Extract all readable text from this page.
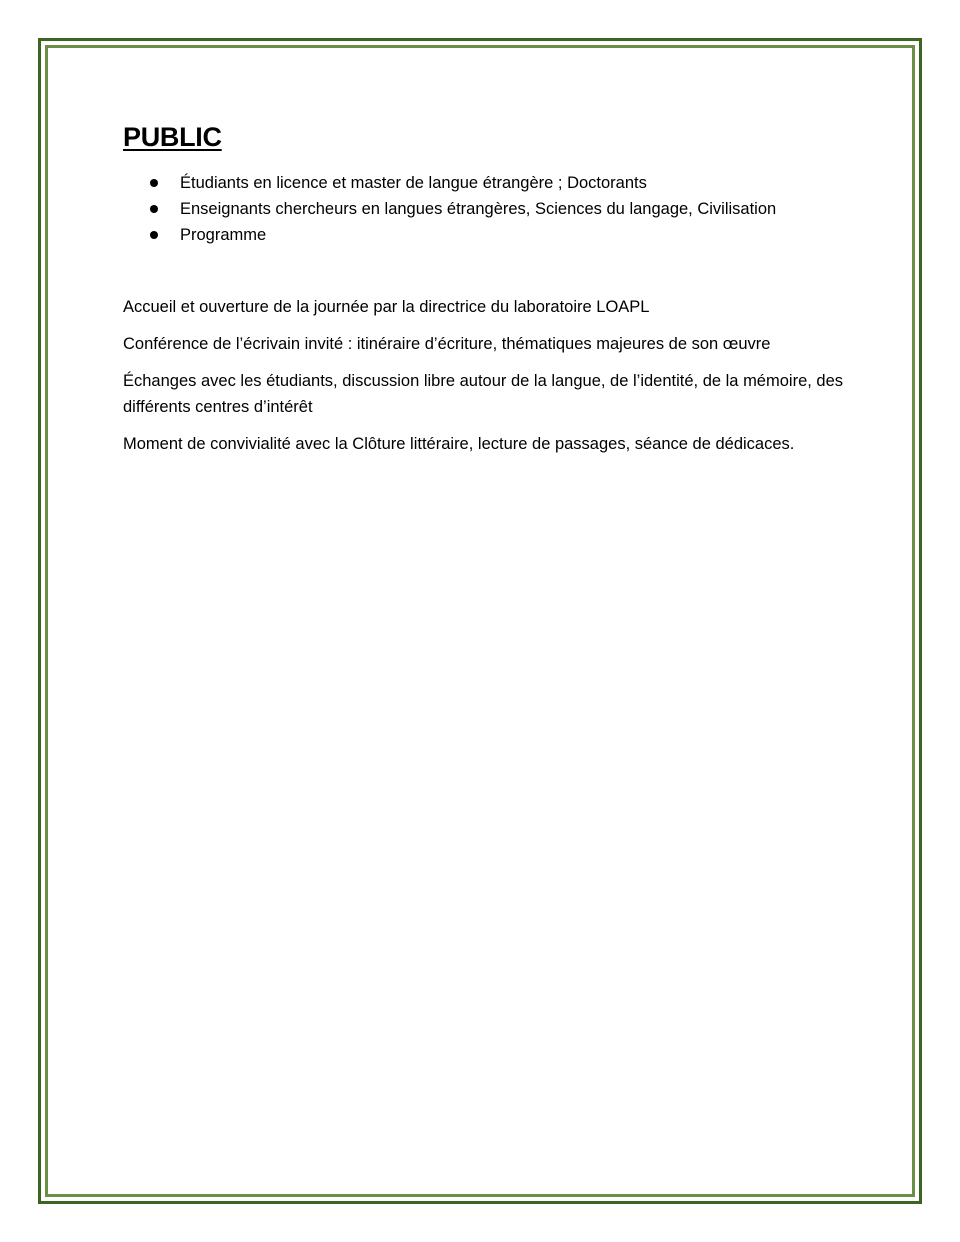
PUBLIC
Étudiants en licence et master de langue étrangère ; Doctorants
Enseignants chercheurs en langues étrangères, Sciences du langage, Civilisation
Programme

Accueil et ouverture de la journée par la directrice du laboratoire LOAPL

Conférence de l’écrivain invité : itinéraire d’écriture, thématiques majeures de son œuvre

Échanges avec les étudiants, discussion libre autour de la langue, de l’identité, de la mémoire, des différents centres d’intérêt

Moment de convivialité avec la Clôture littéraire, lecture de passages, séance de dédicaces.
